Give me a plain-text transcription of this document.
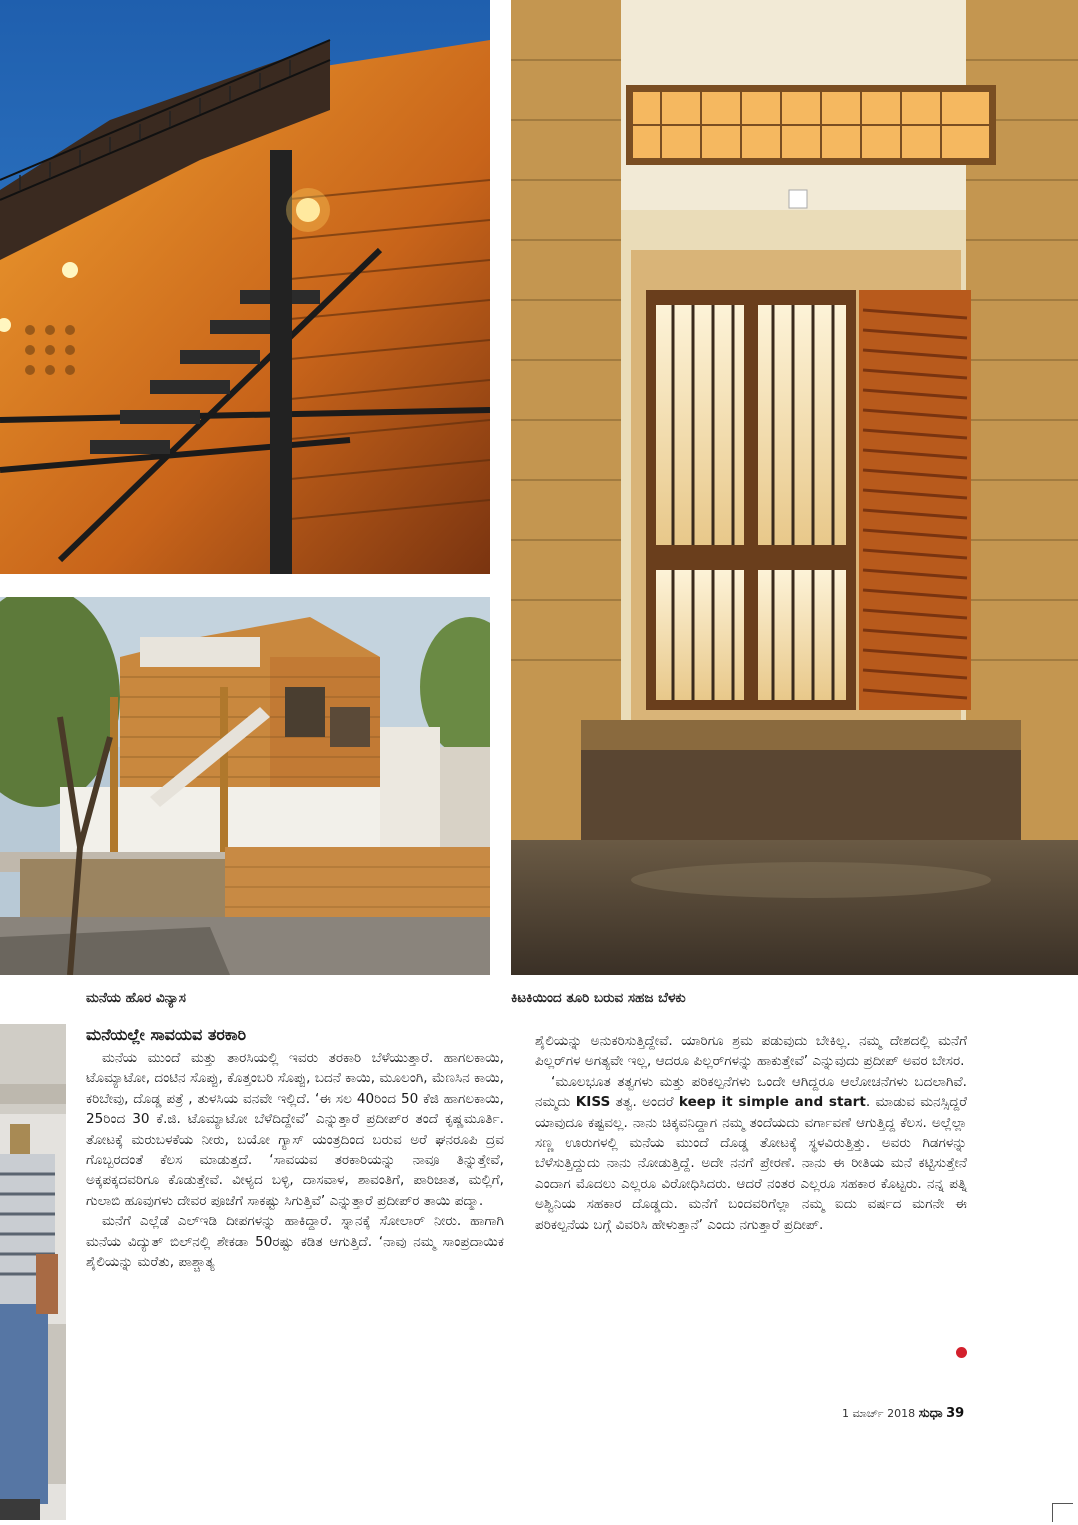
ಮನೆಯ ಹೊರ ವಿನ್ಯಾಸ	ಕಿಟಕಿಯಿಂದ ತೂರಿ ಬರುವ ಸಹಜ ಬೆಳಕು
ಮನೆಯಲ್ಲೇ ಸಾವಯವ ತರಕಾರಿ

ಮನೆಯ ಮುಂದೆ ಮತ್ತು ತಾರಸಿಯಲ್ಲಿ ಇವರು ತರಕಾರಿ ಬೆಳೆಯುತ್ತಾರೆ. ಹಾಗಲಕಾಯಿ, ಟೊಮ್ಯಾಟೋ, ದಂಟಿನ ಸೊಪ್ಪು, ಕೊತ್ತಂಬರಿ ಸೊಪ್ಪು, ಬದನೆ ಕಾಯಿ, ಮೂಲಂಗಿ, ಮೆಣಸಿನ ಕಾಯಿ, ಕರಿಬೇವು, ದೊಡ್ಡ ಪತ್ರೆ , ತುಳಸಿಯ ವನವೇ ಇಲ್ಲಿದೆ. ‘ಈ ಸಲ 40ರಿಂದ 50 ಕೆಜಿ ಹಾಗಲಕಾಯಿ, 25ರಿಂದ 30 ಕೆ.ಜಿ. ಟೊಮ್ಯಾಟೋ ಬೆಳೆದಿದ್ದೇವೆ’ ಎನ್ನುತ್ತಾರೆ ಪ್ರದೀಪ್‌ರ ತಂದೆ ಕೃಷ್ಣಮೂರ್ತಿ. ತೋಟಕ್ಕೆ ಮರುಬಳಕೆಯ ನೀರು, ಬಯೋ ಗ್ಯಾಸ್ ಯಂತ್ರದಿಂದ ಬರುವ ಅರೆ ಘನರೂಪಿ ದ್ರವ ಗೊಬ್ಬರದಂತೆ ಕೆಲಸ ಮಾಡುತ್ತದೆ. ‘ಸಾವಯವ ತರಕಾರಿಯನ್ನು ನಾವೂ ತಿನ್ನುತ್ತೇವೆ, ಅಕ್ಕಪಕ್ಕದವರಿಗೂ ಕೊಡುತ್ತೇವೆ. ವೀಳ್ಯದ ಬಳ್ಳಿ, ದಾಸವಾಳ, ಶಾವಂತಿಗೆ, ಪಾರಿಜಾತ, ಮಲ್ಲಿಗೆ, ಗುಲಾಬಿ ಹೂವುಗಳು ದೇವರ ಪೂಜೆಗೆ ಸಾಕಷ್ಟು ಸಿಗುತ್ತಿವೆ’ ಎನ್ನುತ್ತಾರೆ ಪ್ರದೀಪ್‌ರ ತಾಯಿ ಪದ್ಮಾ.

ಮನೆಗೆ ಎಲ್ಲೆಡೆ ಎಲ್‌ಇಡಿ ದೀಪಗಳನ್ನು ಹಾಕಿದ್ದಾರೆ. ಸ್ನಾನಕ್ಕೆ ಸೋಲಾರ್ ನೀರು. ಹಾಗಾಗಿ ಮನೆಯ ವಿದ್ಯುತ್ ಬಿಲ್‌ನಲ್ಲಿ ಶೇಕಡಾ 50ರಷ್ಟು ಕಡಿತ ಆಗುತ್ತಿದೆ. ‘ನಾವು ನಮ್ಮ ಸಾಂಪ್ರದಾಯಿಕ ಶೈಲಿಯನ್ನು ಮರೆತು, ಪಾಶ್ಚಾತ್ಯ

ಶೈಲಿಯನ್ನು ಅನುಕರಿಸುತ್ತಿದ್ದೇವೆ. ಯಾರಿಗೂ ಶ್ರಮ ಪಡುವುದು ಬೇಕಿಲ್ಲ. ನಮ್ಮ ದೇಶದಲ್ಲಿ ಮನೆಗೆ ಪಿಲ್ಲರ್‌ಗಳ ಅಗತ್ಯವೇ ಇಲ್ಲ, ಆದರೂ ಪಿಲ್ಲರ್‌ಗಳನ್ನು ಹಾಕುತ್ತೇವೆ’ ಎನ್ನುವುದು ಪ್ರದೀಪ್ ಅವರ ಬೇಸರ.

‘ಮೂಲಭೂತ ತತ್ವಗಳು ಮತ್ತು ಪರಿಕಲ್ಪನೆಗಳು ಒಂದೇ ಆಗಿದ್ದರೂ ಆಲೋಚನೆಗಳು ಬದಲಾಗಿವೆ. ನಮ್ಮದು KISS ತತ್ವ. ಅಂದರೆ keep it simple and start. ಮಾಡುವ ಮನಸ್ಸಿದ್ದರೆ ಯಾವುದೂ ಕಷ್ಟವಲ್ಲ. ನಾನು ಚಿಕ್ಕವನಿದ್ದಾಗ ನಮ್ಮ ತಂದೆಯದು ವರ್ಗಾವಣೆ ಆಗುತ್ತಿದ್ದ ಕೆಲಸ. ಅಲ್ಲೆಲ್ಲಾ ಸಣ್ಣ ಊರುಗಳಲ್ಲಿ ಮನೆಯ ಮುಂದೆ ದೊಡ್ಡ ತೋಟಕ್ಕೆ ಸ್ಥಳವಿರುತ್ತಿತ್ತು. ಅವರು ಗಿಡಗಳನ್ನು ಬೆಳೆಸುತ್ತಿದ್ದುದು ನಾನು ನೋಡುತ್ತಿದ್ದೆ. ಅದೇ ನನಗೆ ಪ್ರೇರಣೆ. ನಾನು ಈ ರೀತಿಯ ಮನೆ ಕಟ್ಟಿಸುತ್ತೇನೆ ಎಂದಾಗ ಮೊದಲು ಎಲ್ಲರೂ ವಿರೋಧಿಸಿದರು. ಆದರೆ ನಂತರ ಎಲ್ಲರೂ ಸಹಕಾರ ಕೊಟ್ಟರು. ನನ್ನ ಪತ್ನಿ ಅಶ್ವಿನಿಯ ಸಹಕಾರ ದೊಡ್ಡದು. ಮನೆಗೆ ಬಂದವರಿಗೆಲ್ಲಾ ನಮ್ಮ ಐದು ವರ್ಷದ ಮಗನೇ ಈ ಪರಿಕಲ್ಪನೆಯ ಬಗ್ಗೆ ವಿವರಿಸಿ ಹೇಳುತ್ತಾನೆ’ ಎಂದು ನಗುತ್ತಾರೆ ಪ್ರದೀಪ್.

1 ಮಾರ್ಚ್ 2018 ಸುಧಾ 39
